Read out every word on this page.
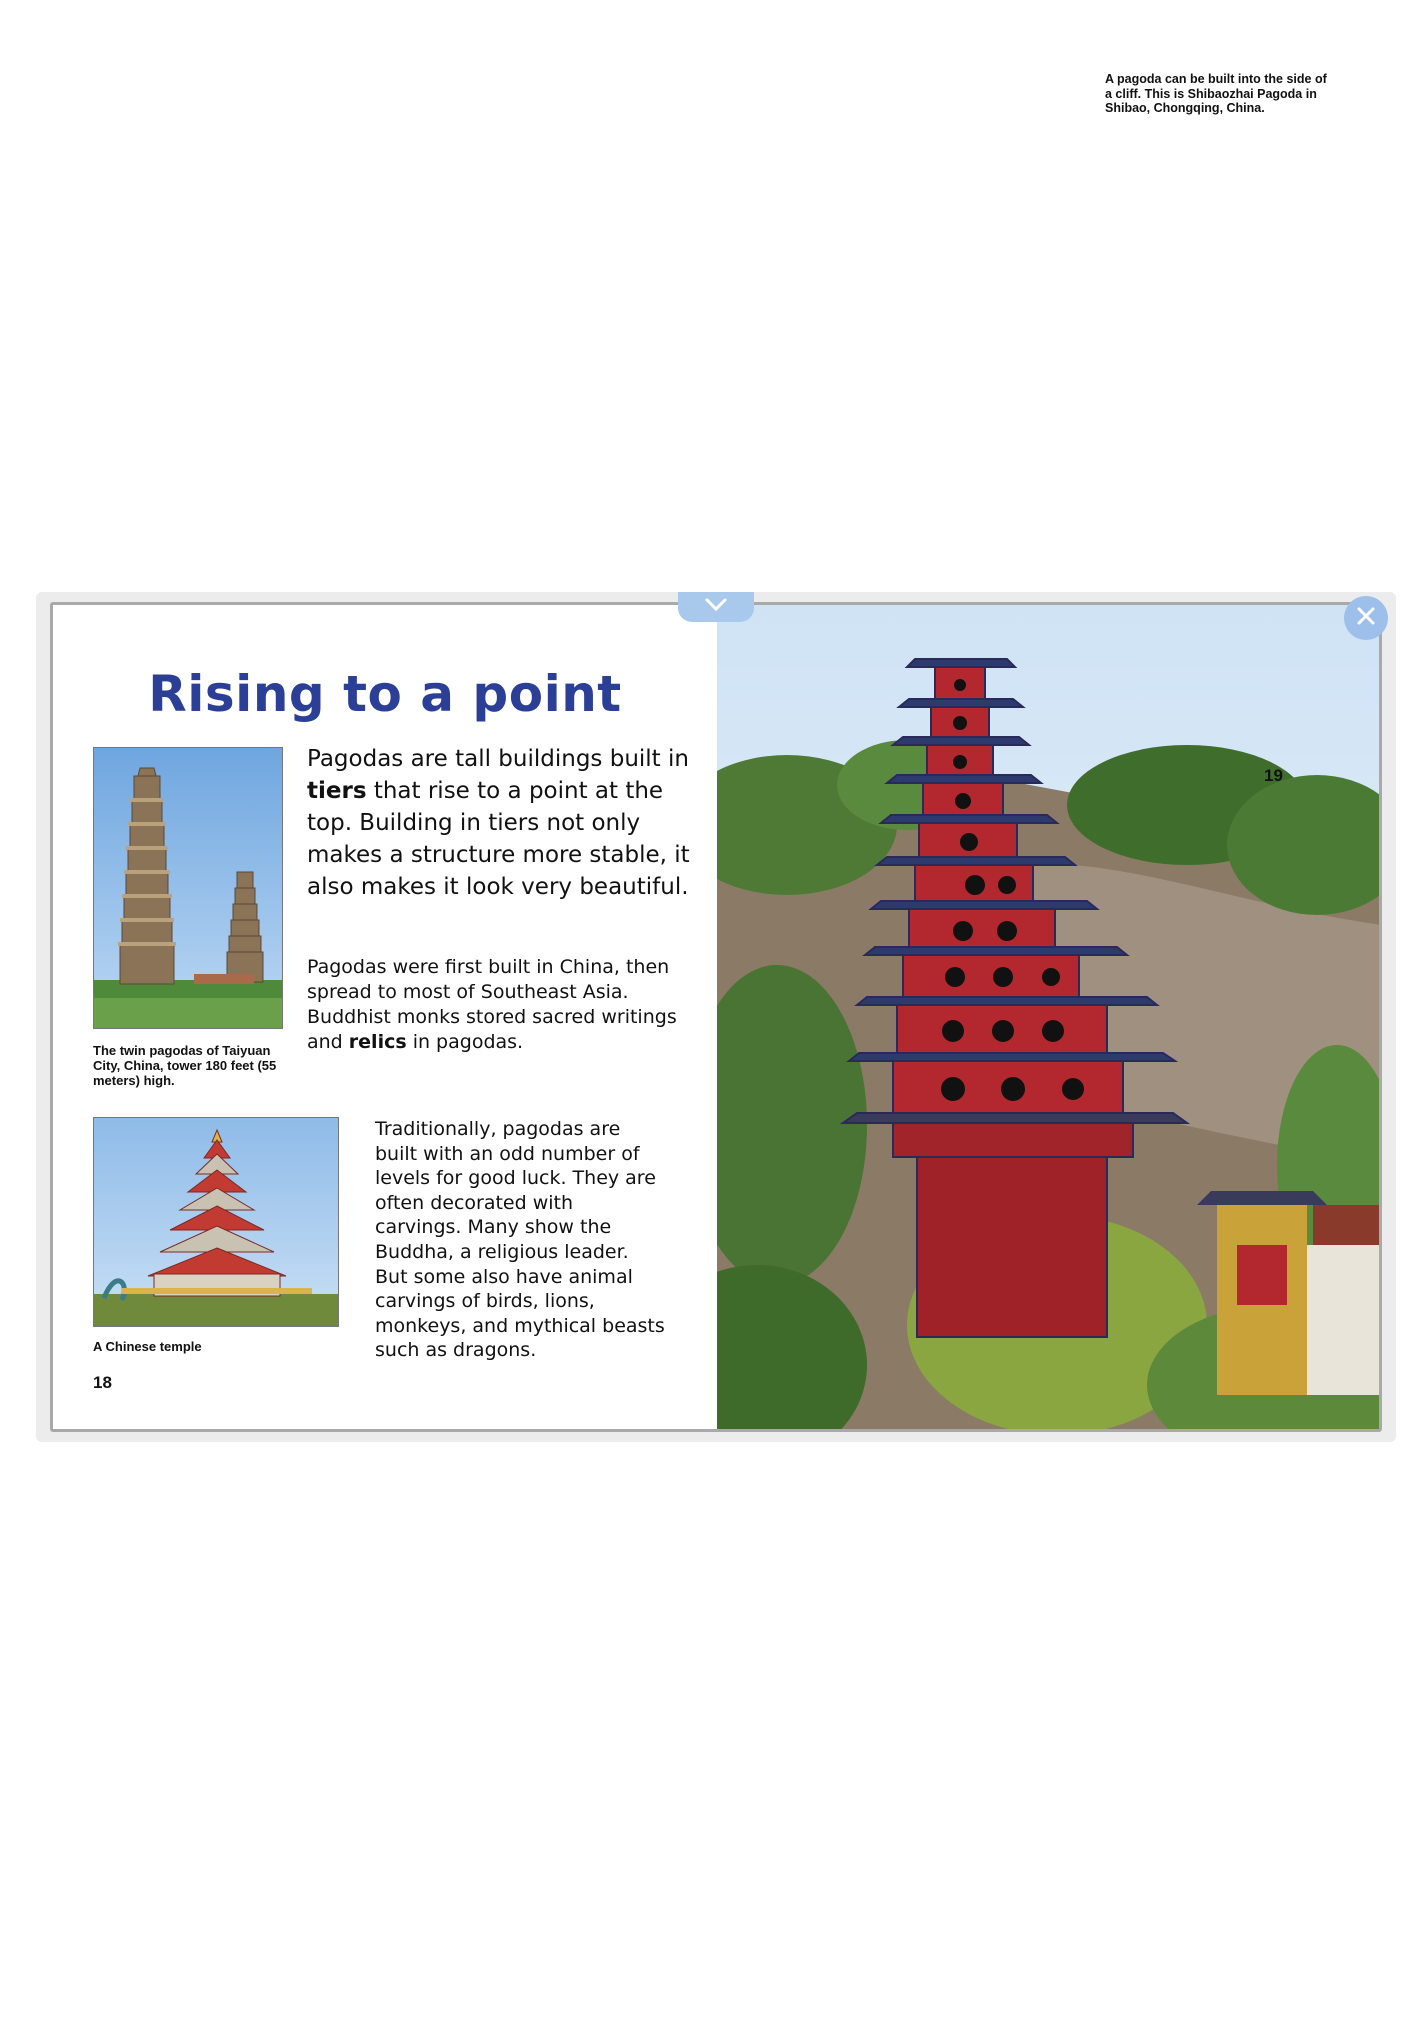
Rising to a point

Pagodas are tall buildings built in tiers that rise to a point at the top. Building in tiers not only makes a structure more stable, it also makes it look very beautiful.

Pagodas were first built in China, then spread to most of Southeast Asia. Buddhist monks stored sacred writings and relics in pagodas.

The twin pagodas of Taiyuan City, China, tower 180 feet (55 meters) high.

Traditionally, pagodas are built with an odd number of levels for good luck. They are often decorated with carvings. Many show the Buddha, a religious leader. But some also have animal carvings of birds, lions, monkeys, and mythical beasts such as dragons.

A Chinese temple
18
A pagoda can be built into the side of a cliff. This is Shibaozhai Pagoda in Shibao, Chongqing, China.
19
